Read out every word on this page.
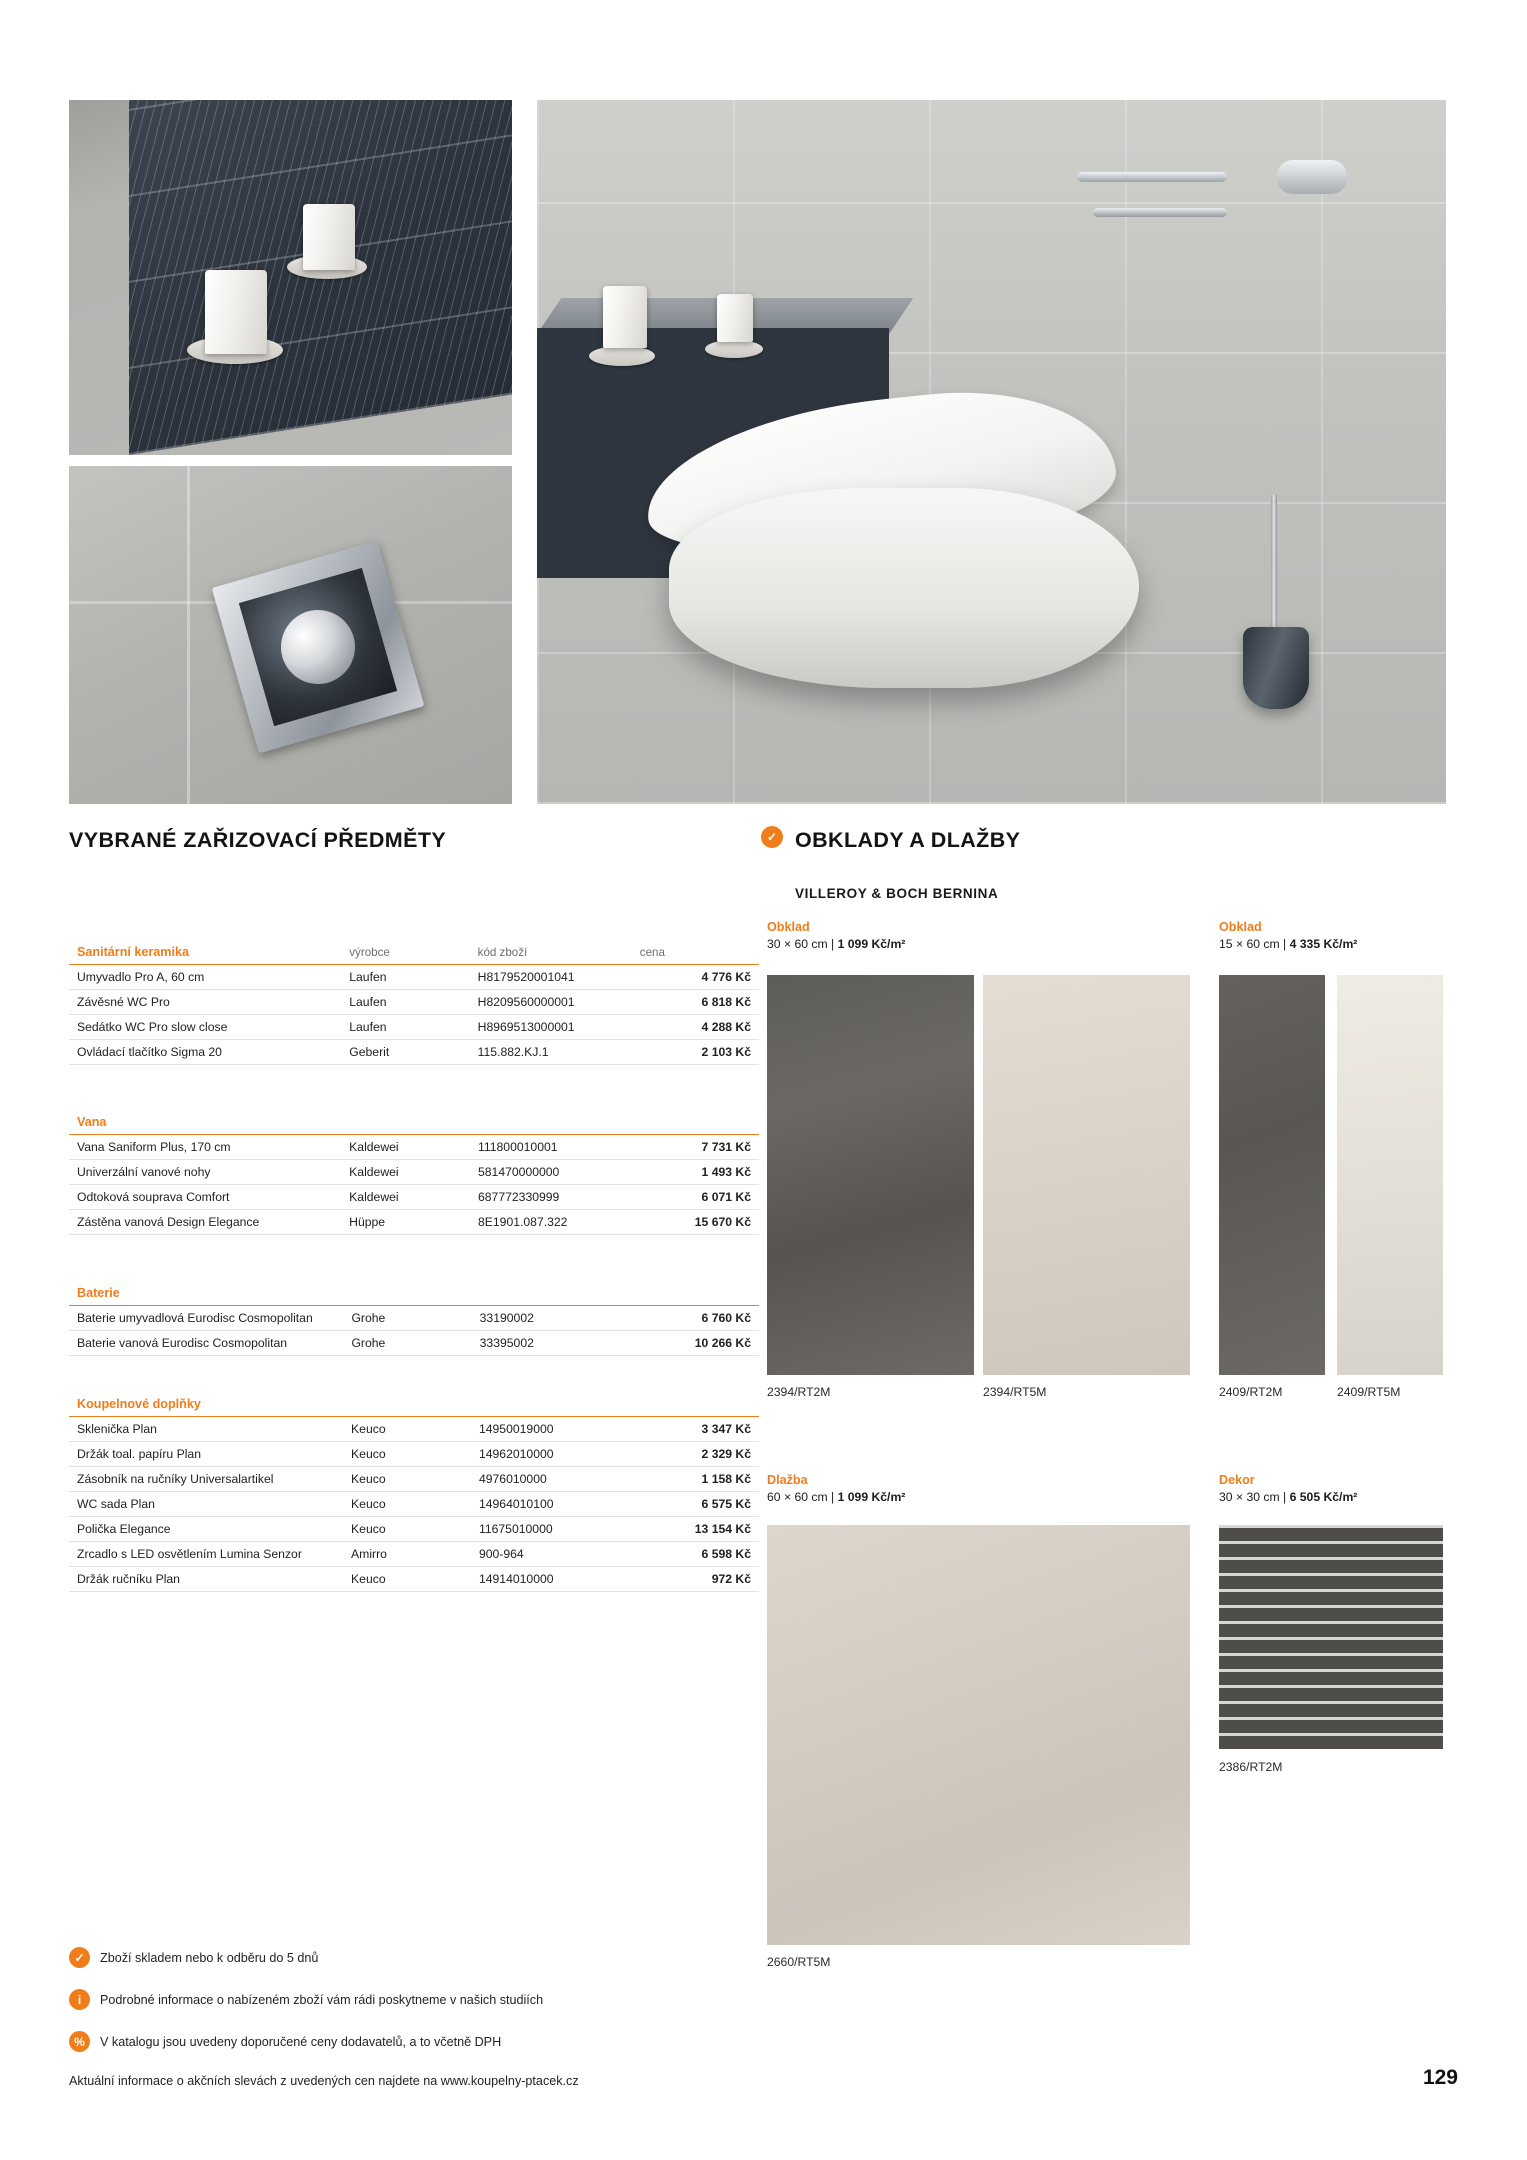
VYBRANÉ ZAŘIZOVACÍ PŘEDMĚTY	✓ OBKLADY A DLAŽBY
VILLEROY & BOCH BERNINA
Sanitární keramika	výrobce	kód zboží	cena
Umyvadlo Pro A, 60 cm	Laufen	H8179520001041	4 776 Kč
Závěsné WC Pro	Laufen	H8209560000001	6 818 Kč
Sedátko WC Pro slow close	Laufen	H8969513000001	4 288 Kč
Ovládací tlačítko Sigma 20	Geberit	115.882.KJ.1	2 103 Kč
Vana			
Vana Saniform Plus, 170 cm	Kaldewei	111800010001	7 731 Kč
Univerzální vanové nohy	Kaldewei	581470000000	1 493 Kč
Odtoková souprava Comfort	Kaldewei	687772330999	6 071 Kč
Zástěna vanová Design Elegance	Hüppe	8E1901.087.322	15 670 Kč
Baterie			
Baterie umyvadlová Eurodisc Cosmopolitan	Grohe	33190002	6 760 Kč
Baterie vanová Eurodisc Cosmopolitan	Grohe	33395002	10 266 Kč
Koupelnové doplňky			
Sklenička Plan	Keuco	14950019000	3 347 Kč
Držák toal. papíru Plan	Keuco	14962010000	2 329 Kč
Zásobník na ručníky Universalartikel	Keuco	4976010000	1 158 Kč
WC sada Plan	Keuco	14964010100	6 575 Kč
Polička Elegance	Keuco	11675010000	13 154 Kč
Zrcadlo s LED osvětlením Lumina Senzor	Amirro	900-964	6 598 Kč
Držák ručníku Plan	Keuco	14914010000	972 Kč
Obklad
30 × 60 cm | 1 099 Kč/m²
2394/RT2M	2394/RT5M
Obklad
15 × 60 cm | 4 335 Kč/m²
2409/RT2M	2409/RT5M
Dlažba
60 × 60 cm | 1 099 Kč/m²
2660/RT5M
Dekor
30 × 30 cm | 6 505 Kč/m²
2386/RT2M
✓	Zboží skladem nebo k odběru do 5 dnů
i	Podrobné informace o nabízeném zboží vám rádi poskytneme v našich studiích
%	V katalogu jsou uvedeny doporučené ceny dodavatelů, a to včetně DPH
Aktuální informace o akčních slevách z uvedených cen najdete na www.koupelny-ptacek.cz	129
